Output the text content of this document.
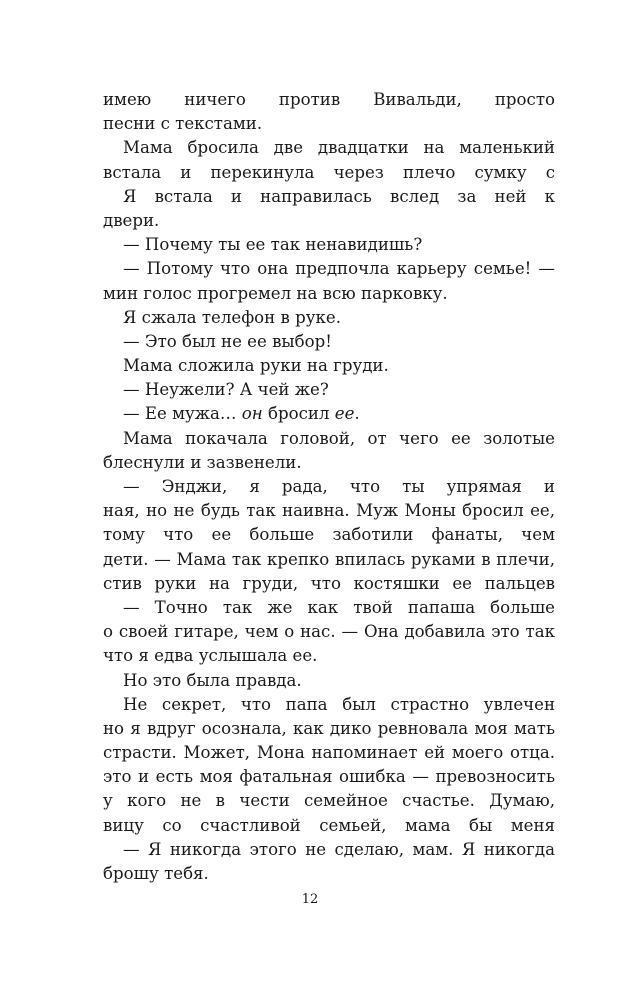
имею ничего против Вивальди, просто
песни с текстами.
Мама бросила две двадцатки на маленький
встала и перекинула через плечо сумку с
Я встала и направилась вслед за ней к
двери.
— Почему ты ее так ненавидишь?
— Потому что она предпочла карьеру семье! —
мин голос прогремел на всю парковку.
Я сжала телефон в руке.
— Это был не ее выбор!
Мама сложила руки на груди.
— Неужели? А чей же?
— Ее мужа… он бросил ее.
Мама покачала головой, от чего ее золотые
блеснули и зазвенели.
— Энджи, я рада, что ты упрямая и
ная, но не будь так наивна. Муж Моны бросил ее,
тому что ее больше заботили фанаты, чем
дети. — Мама так крепко впилась руками в плечи,
стив руки на груди, что костяшки ее пальцев
— Точно так же как твой папаша больше
о своей гитаре, чем о нас. — Она добавила это так
что я едва услышала ее.
Но это была правда.
Не секрет, что папа был страстно увлечен
но я вдруг осознала, как дико ревновала моя мать
страсти. Может, Мона напоминает ей моего отца.
это и есть моя фатальная ошибка — превозносить
у кого не в чести семейное счастье. Думаю,
вицу со счастливой семьей, мама бы меня
— Я никогда этого не сделаю, мам. Я никогда
брошу тебя.
12
